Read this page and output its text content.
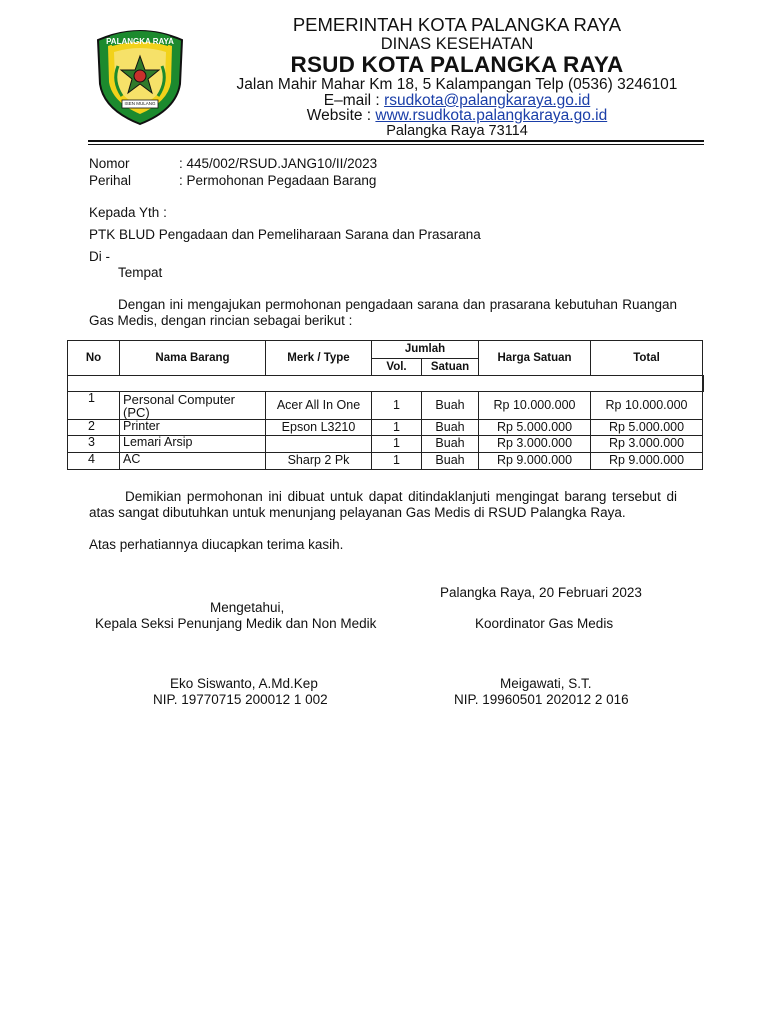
PALANGKA RAYA
ISEN MULANG
PEMERINTAH KOTA PALANGKA RAYA
DINAS KESEHATAN
RSUD KOTA PALANGKA RAYA
Jalan Mahir Mahar Km 18, 5 Kalampangan Telp (0536) 3246101
E–mail : rsudkota@palangkaraya.go.id
Website : www.rsudkota.palangkaraya.go.id
Palangka Raya 73114
Nomor	: 445/002/RSUD.JANG10/II/2023
Perihal	: Permohonan Pegadaan Barang
Kepada Yth :
PTK BLUD Pengadaan dan Pemeliharaan Sarana dan Prasarana
Di -
Tempat
Dengan ini mengajukan permohonan pengadaan sarana dan prasarana kebutuhan Ruangan Gas Medis, dengan rincian sebagai berikut :
No	Nama Barang	Merk / Type	Jumlah		Harga Satuan	Total
			Vol.	Satuan		

1	Personal Computer (PC)	Acer All In One	1	Buah	Rp 10.000.000	Rp 10.000.000
2	Printer	Epson L3210	1	Buah	Rp 5.000.000	Rp 5.000.000
3	Lemari Arsip		1	Buah	Rp 3.000.000	Rp 3.000.000
4	AC	Sharp 2 Pk	1	Buah	Rp 9.000.000	Rp 9.000.000
Demikian permohonan ini dibuat untuk dapat ditindaklanjuti mengingat barang tersebut di atas sangat dibutuhkan untuk menunjang pelayanan Gas Medis di RSUD Palangka Raya.
Atas perhatiannya diucapkan terima kasih.
Palangka Raya, 20 Februari 2023
Mengetahui,
Kepala Seksi Penunjang Medik dan Non Medik	Koordinator Gas Medis
Eko Siswanto, A.Md.Kep
NIP. 19770715 200012 1 002
Meigawati, S.T.
NIP. 19960501 202012 2 016
